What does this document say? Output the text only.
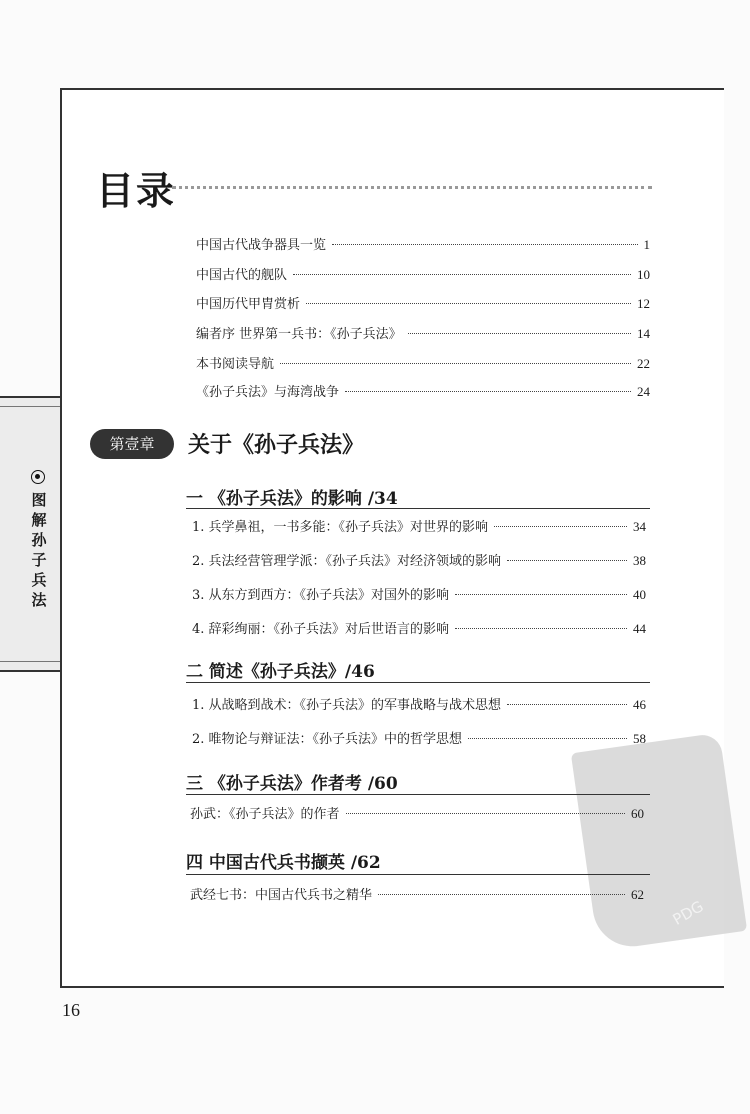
图
解
孙
子
兵
法
目录
中国古代战争器具一览	1
中国古代的舰队	10
中国历代甲胄赏析	12
编者序 世界第一兵书：《孙子兵法》	14
本书阅读导航	22
《孙子兵法》与海湾战争	24
第壹章	关于《孙子兵法》
一 《孙子兵法》的影响 /34
1. 兵学鼻祖，一书多能：《孙子兵法》对世界的影响	34
2. 兵法经营管理学派：《孙子兵法》对经济领域的影响	38
3. 从东方到西方：《孙子兵法》对国外的影响	40
4. 辞彩绚丽：《孙子兵法》对后世语言的影响	44
二 简述《孙子兵法》/46
1. 从战略到战术：《孙子兵法》的军事战略与战术思想	46
2. 唯物论与辩证法：《孙子兵法》中的哲学思想	58
PDG
三 《孙子兵法》作者考 /60
孙武：《孙子兵法》的作者	60
四 中国古代兵书撷英 /62
武经七书：中国古代兵书之精华	62
16
